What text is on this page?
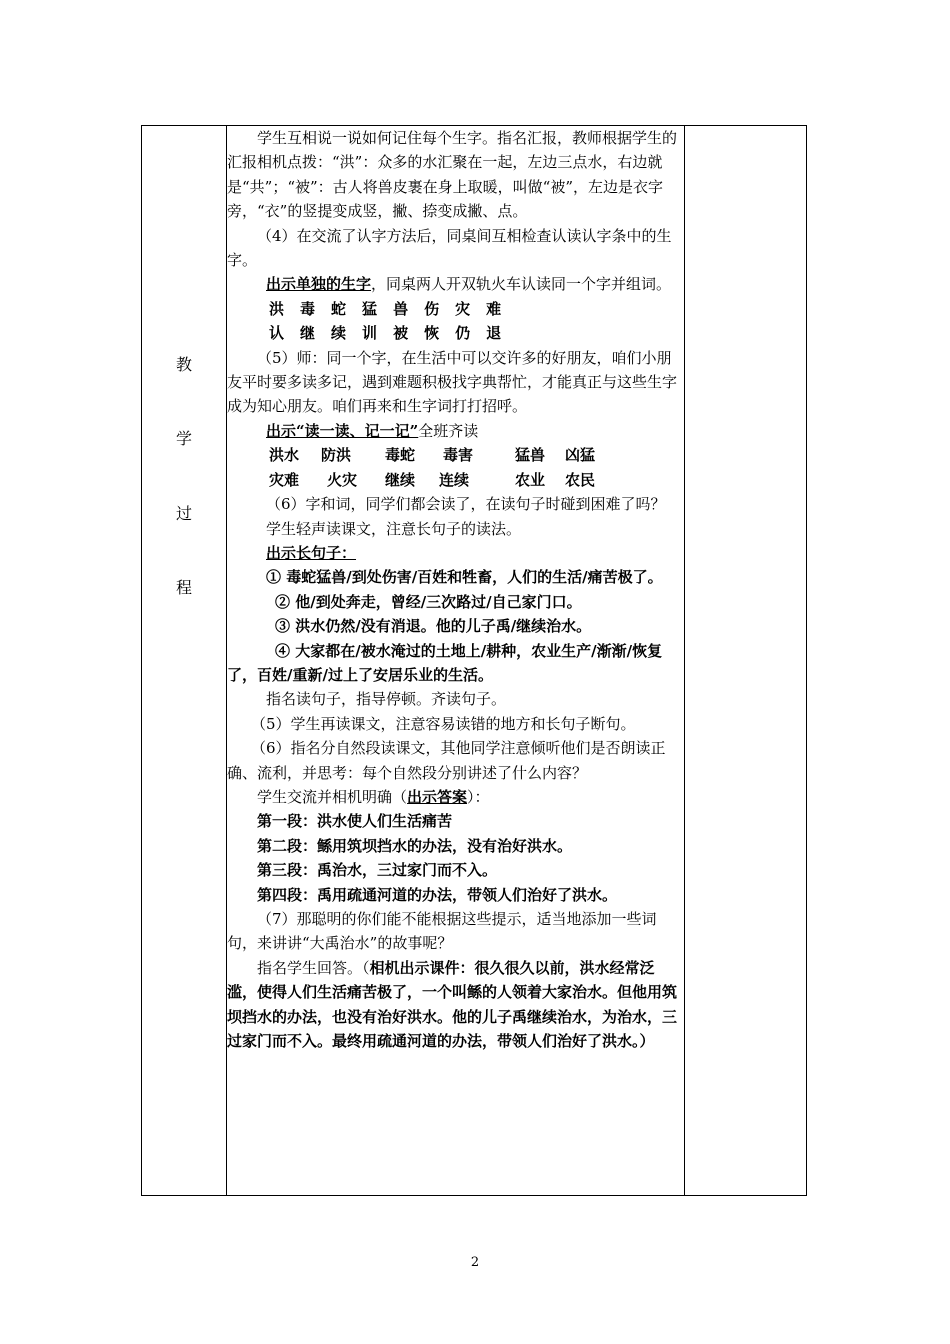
教
学
过
程

学生互相说一说如何记住每个生字。指名汇报，教师根据学生的汇报相机点拨：“洪”：众多的水汇聚在一起，左边三点水，右边就是“共”；“被”：古人将兽皮裹在身上取暖，叫做“被”，左边是衣字旁，“衣”的竖提变成竖，撇、捺变成撇、点。

（4）在交流了认字方法后，同桌间互相检查认读认字条中的生字。

出示单独的生字，同桌两人开双轨火车认读同一个字并组词。

洪 毒 蛇 猛 兽 伤 灾 难

认 继 续 训 被 恢 仍 退

（5）师：同一个字，在生活中可以交许多的好朋友，咱们小朋友平时要多读多记，遇到难题积极找字典帮忙，才能真正与这些生字成为知心朋友。咱们再来和生字词打打招呼。

出示“读一读、记一记”全班齐读

洪水 防洪 毒蛇 毒害	猛兽 凶猛

灾难 火灾 继续 连续	农业 农民

（6）字和词，同学们都会读了，在读句子时碰到困难了吗？

学生轻声读课文，注意长句子的读法。

出示长句子：

① 毒蛇猛兽/到处伤害/百姓和牲畜，人们的生活/痛苦极了。

② 他/到处奔走，曾经/三次路过/自己家门口。

③ 洪水仍然/没有消退。他的儿子禹/继续治水。

④ 大家都在/被水淹过的土地上/耕种，农业生产/渐渐/恢复了，百姓/重新/过上了安居乐业的生活。

指名读句子，指导停顿。齐读句子。

（5）学生再读课文，注意容易读错的地方和长句子断句。

（6）指名分自然段读课文，其他同学注意倾听他们是否朗读正确、流利，并思考：每个自然段分别讲述了什么内容？

学生交流并相机明确（出示答案）：

第一段：洪水使人们生活痛苦

第二段：鲧用筑坝挡水的办法，没有治好洪水。

第三段：禹治水，三过家门而不入。

第四段：禹用疏通河道的办法，带领人们治好了洪水。

（7）那聪明的你们能不能根据这些提示，适当地添加一些词句，来讲讲“大禹治水”的故事呢？

指名学生回答。（相机出示课件：很久很久以前，洪水经常泛滥，使得人们生活痛苦极了，一个叫鲧的人领着大家治水。但他用筑坝挡水的办法，也没有治好洪水。他的儿子禹继续治水，为治水，三过家门而不入。最终用疏通河道的办法，带领人们治好了洪水。）

2
